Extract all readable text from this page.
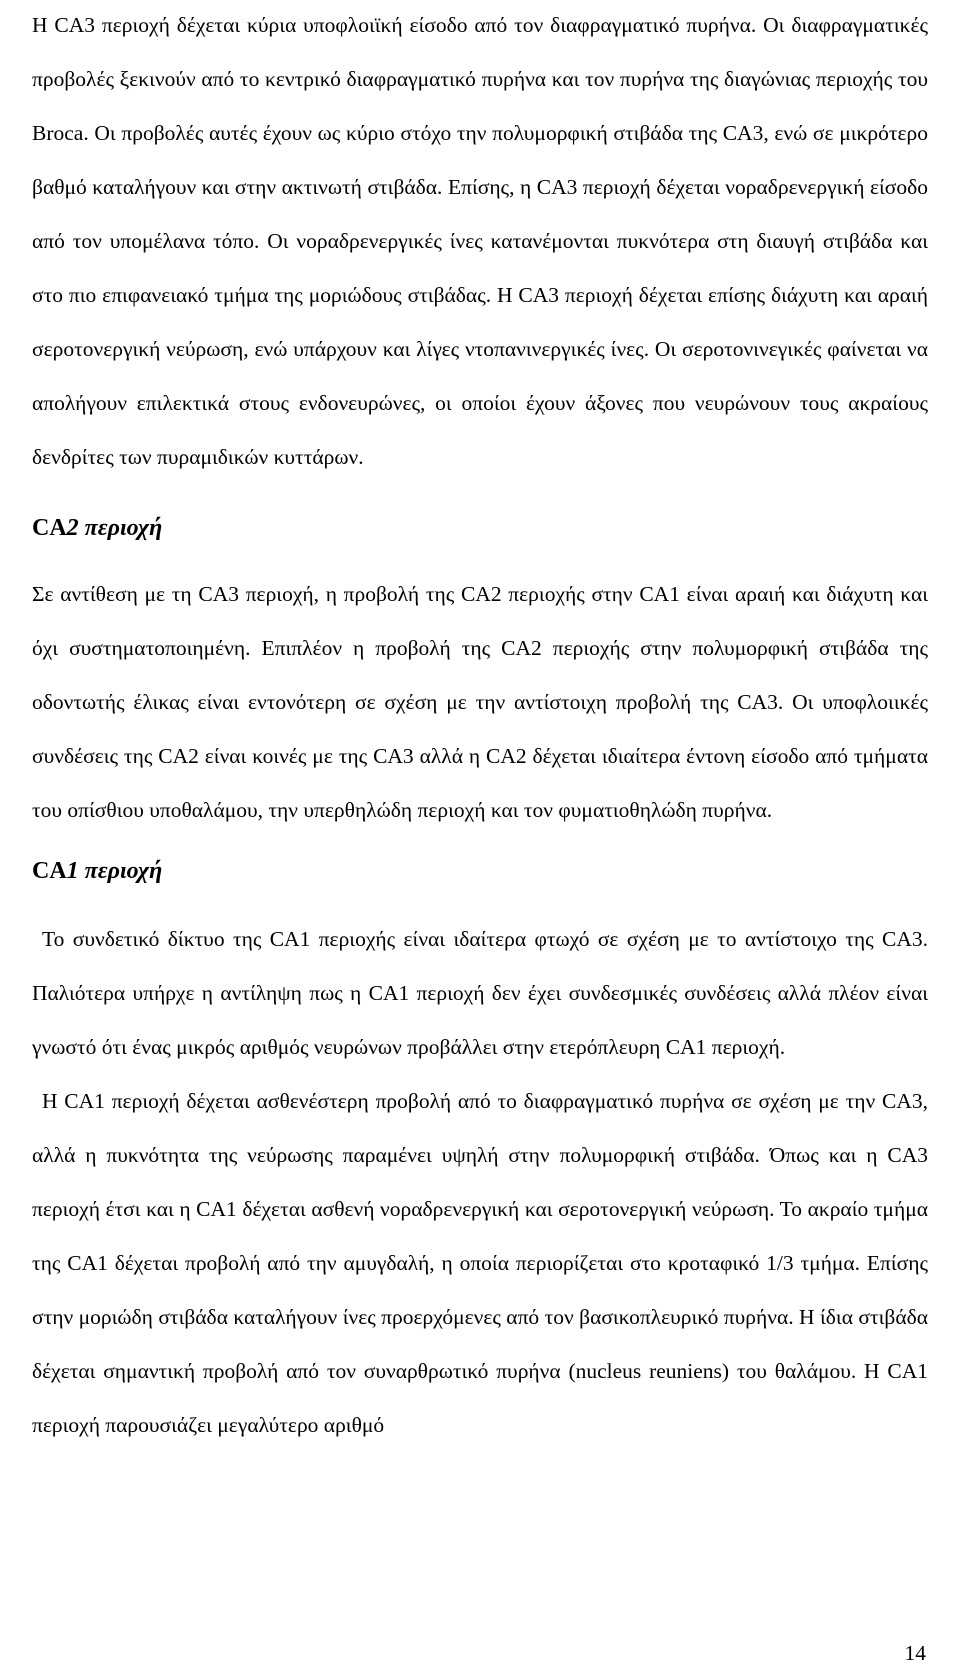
Η CA3 περιοχή δέχεται κύρια υποφλοιϊκή είσοδο από τον διαφραγματικό πυρήνα. Οι διαφραγματικές προβολές ξεκινούν από το κεντρικό διαφραγματικό πυρήνα και τον πυρήνα της διαγώνιας περιοχής του Broca. Οι προβολές αυτές έχουν ως κύριο στόχο την πολυμορφική στιβάδα της CA3, ενώ σε μικρότερο βαθμό καταλήγουν και στην ακτινωτή στιβάδα. Επίσης, η CA3 περιοχή δέχεται νοραδρενεργική είσοδο από τον υπομέλανα τόπο. Οι νοραδρενεργικές ίνες κατανέμονται πυκνότερα στη διαυγή στιβάδα και στο πιο επιφανειακό τμήμα της μοριώδους στιβάδας. Η CA3 περιοχή δέχεται επίσης διάχυτη και αραιή σεροτονεργική νεύρωση, ενώ υπάρχουν και λίγες ντοπανινεργικές ίνες. Οι σεροτονινεγικές φαίνεται να απολήγουν επιλεκτικά στους ενδονευρώνες, οι οποίοι έχουν άξονες που νευρώνουν τους ακραίους δενδρίτες των πυραμιδικών κυττάρων.

CA2 περιοχή

Σε αντίθεση με τη CA3 περιοχή, η προβολή της CA2 περιοχής στην CA1 είναι αραιή και διάχυτη και όχι συστηματοποιημένη. Επιπλέον η προβολή της CA2 περιοχής στην πολυμορφική στιβάδα της οδοντωτής έλικας είναι εντονότερη σε σχέση με την αντίστοιχη προβολή της CA3. Οι υποφλοιικές συνδέσεις της CA2 είναι κοινές με της CA3 αλλά η CA2 δέχεται ιδιαίτερα έντονη είσοδο από τμήματα του οπίσθιου υποθαλάμου, την υπερθηλώδη περιοχή και τον φυματιοθηλώδη πυρήνα.

CA1 περιοχή

Το συνδετικό δίκτυο της CA1 περιοχής είναι ιδαίτερα φτωχό σε σχέση με το αντίστοιχο της CA3. Παλιότερα υπήρχε η αντίληψη πως η CA1 περιοχή δεν έχει συνδεσμικές συνδέσεις αλλά πλέον είναι γνωστό ότι ένας μικρός αριθμός νευρώνων προβάλλει στην ετερόπλευρη CA1 περιοχή.

Η CA1 περιοχή δέχεται ασθενέστερη προβολή από το διαφραγματικό πυρήνα σε σχέση με την CA3, αλλά η πυκνότητα της νεύρωσης παραμένει υψηλή στην πολυμορφική στιβάδα. Όπως και η CA3 περιοχή έτσι και η CA1 δέχεται ασθενή νοραδρενεργική και σεροτονεργική νεύρωση. Το ακραίο τμήμα της CA1 δέχεται προβολή από την αμυγδαλή, η οποία περιορίζεται στο κροταφικό 1/3 τμήμα. Επίσης στην μοριώδη στιβάδα καταλήγουν ίνες προερχόμενες από τον βασικοπλευρικό πυρήνα. Η ίδια στιβάδα δέχεται σημαντική προβολή από τον συναρθρωτικό πυρήνα (nucleus reuniens) του θαλάμου. Η CA1 περιοχή παρουσιάζει μεγαλύτερο αριθμό

14
